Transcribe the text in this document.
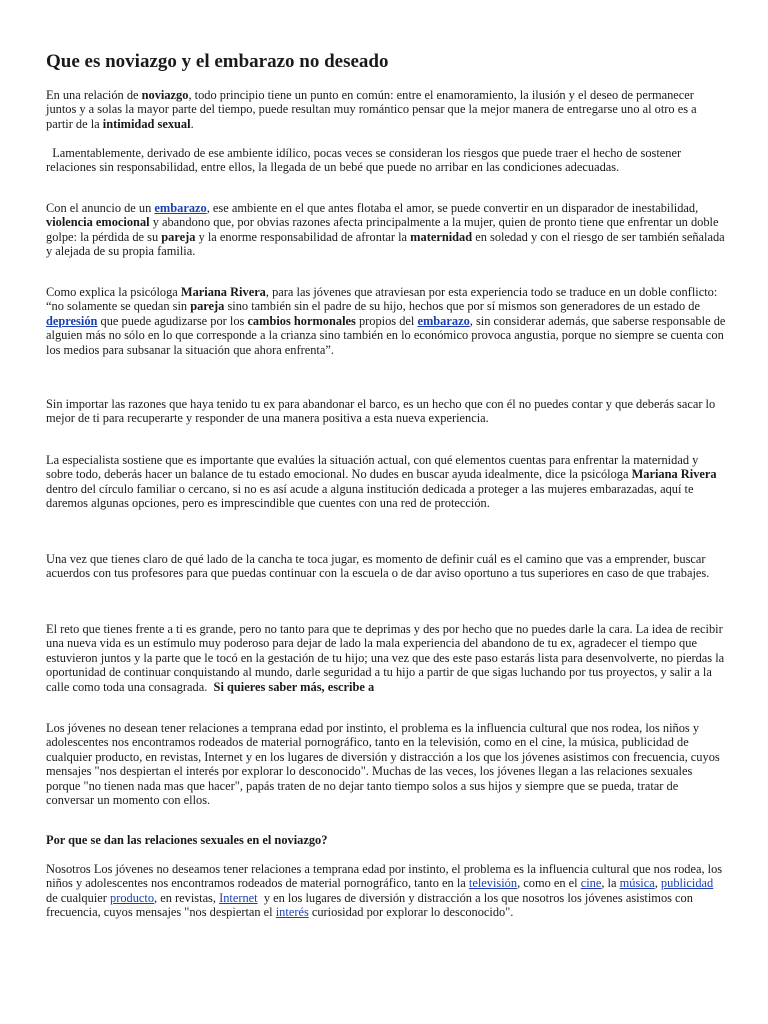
Que es noviazgo y el embarazo no deseado

En una relación de noviazgo, todo principio tiene un punto en común: entre el enamoramiento, la ilusión y el deseo de permanecer juntos y a solas la mayor parte del tiempo, puede resultan muy romántico pensar que la mejor manera de entregarse uno al otro es a partir de la intimidad sexual.

Lamentablemente, derivado de ese ambiente idílico, pocas veces se consideran los riesgos que puede traer el hecho de sostener relaciones sin responsabilidad, entre ellos, la llegada de un bebé que puede no arribar en las condiciones adecuadas.

Con el anuncio de un embarazo, ese ambiente en el que antes flotaba el amor, se puede convertir en un disparador de inestabilidad, violencia emocional y abandono que, por obvias razones afecta principalmente a la mujer, quien de pronto tiene que enfrentar un doble golpe: la pérdida de su pareja y la enorme responsabilidad de afrontar la maternidad en soledad y con el riesgo de ser también señalada y alejada de su propia familia.

Como explica la psicóloga Mariana Rivera, para las jóvenes que atraviesan por esta experiencia todo se traduce en un doble conflicto: “no solamente se quedan sin pareja sino también sin el padre de su hijo, hechos que por sí mismos son generadores de un estado de depresión que puede agudizarse por los cambios hormonales propios del embarazo, sin considerar además, que saberse responsable de alguien más no sólo en lo que corresponde a la crianza sino también en lo económico provoca angustia, porque no siempre se cuenta con los medios para subsanar la situación que ahora enfrenta”.

Sin importar las razones que haya tenido tu ex para abandonar el barco, es un hecho que con él no puedes contar y que deberás sacar lo mejor de ti para recuperarte y responder de una manera positiva a esta nueva experiencia.

La especialista sostiene que es importante que evalúes la situación actual, con qué elementos cuentas para enfrentar la maternidad y sobre todo, deberás hacer un balance de tu estado emocional. No dudes en buscar ayuda idealmente, dice la psicóloga Mariana Rivera dentro del círculo familiar o cercano, si no es así acude a alguna institución dedicada a proteger a las mujeres embarazadas, aquí te daremos algunas opciones, pero es imprescindible que cuentes con una red de protección.

Una vez que tienes claro de qué lado de la cancha te toca jugar, es momento de definir cuál es el camino que vas a emprender, buscar acuerdos con tus profesores para que puedas continuar con la escuela o de dar aviso oportuno a tus superiores en caso de que trabajes.

El reto que tienes frente a ti es grande, pero no tanto para que te deprimas y des por hecho que no puedes darle la cara. La idea de recibir una nueva vida es un estímulo muy poderoso para dejar de lado la mala experiencia del abandono de tu ex, agradecer el tiempo que estuvieron juntos y la parte que le tocó en la gestación de tu hijo; una vez que des este paso estarás lista para desenvolverte, no pierdas la oportunidad de continuar conquistando al mundo, darle seguridad a tu hijo a partir de que sigas luchando por tus proyectos, y salir a la calle como toda una consagrada.  Si quieres saber más, escribe a

Los jóvenes no desean tener relaciones a temprana edad por instinto, el problema es la influencia cultural que nos rodea, los niños y adolescentes nos encontramos rodeados de material pornográfico, tanto en la televisión, como en el cine, la música, publicidad de cualquier producto, en revistas, Internet y en los lugares de diversión y distracción a los que los jóvenes asistimos con frecuencia, cuyos mensajes "nos despiertan el interés por explorar lo desconocido". Muchas de las veces, los jóvenes llegan a las relaciones sexuales porque "no tienen nada mas que hacer", papás traten de no dejar tanto tiempo solos a sus hijos y siempre que se pueda, tratar de conversar un momento con ellos.

Por que se dan las relaciones sexuales en el noviazgo?

Nosotros Los jóvenes no deseamos tener relaciones a temprana edad por instinto, el problema es la influencia cultural que nos rodea, los niños y adolescentes nos encontramos rodeados de material pornográfico, tanto en la televisión, como en el cine, la música, publicidad de cualquier producto, en revistas, Internet  y en los lugares de diversión y distracción a los que nosotros los jóvenes asistimos con frecuencia, cuyos mensajes "nos despiertan el interés curiosidad por explorar lo desconocido".
